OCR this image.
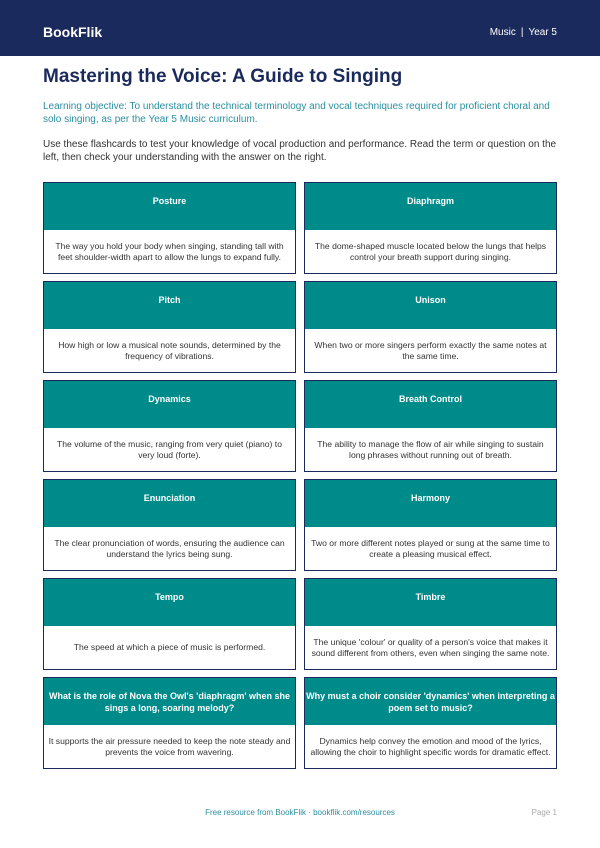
BookFlik	Music | Year 5
Mastering the Voice: A Guide to Singing
Learning objective: To understand the technical terminology and vocal techniques required for proficient choral and solo singing, as per the Year 5 Music curriculum.
Use these flashcards to test your knowledge of vocal production and performance. Read the term or question on the left, then check your understanding with the answer on the right.
Posture
The way you hold your body when singing, standing tall with feet shoulder-width apart to allow the lungs to expand fully.
Diaphragm
The dome-shaped muscle located below the lungs that helps control your breath support during singing.
Pitch
How high or low a musical note sounds, determined by the frequency of vibrations.
Unison
When two or more singers perform exactly the same notes at the same time.
Dynamics
The volume of the music, ranging from very quiet (piano) to very loud (forte).
Breath Control
The ability to manage the flow of air while singing to sustain long phrases without running out of breath.
Enunciation
The clear pronunciation of words, ensuring the audience can understand the lyrics being sung.
Harmony
Two or more different notes played or sung at the same time to create a pleasing musical effect.
Tempo
The speed at which a piece of music is performed.
Timbre
The unique 'colour' or quality of a person's voice that makes it sound different from others, even when singing the same note.
What is the role of Nova the Owl's 'diaphragm' when she sings a long, soaring melody?
It supports the air pressure needed to keep the note steady and prevents the voice from wavering.
Why must a choir consider 'dynamics' when interpreting a poem set to music?
Dynamics help convey the emotion and mood of the lyrics, allowing the choir to highlight specific words for dramatic effect.
Free resource from BookFlik · bookflik.com/resources	Page 1
